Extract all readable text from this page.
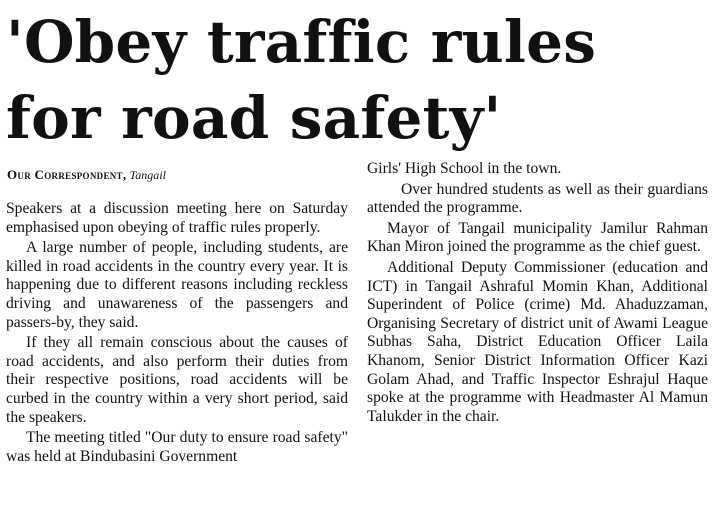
'Obey traffic rules for road safety'
Our Correspondent, Tangail

Speakers at a discussion meeting here on Saturday emphasised upon obeying of traffic rules properly.

A large number of people, including students, are killed in road accidents in the country every year. It is happening due to different reasons including reckless driving and unawareness of the passengers and passers-by, they said.

If they all remain conscious about the causes of road accidents, and also perform their duties from their respective positions, road accidents will be curbed in the country within a very short period, said the speakers.

The meeting titled "Our duty to ensure road safety" was held at Bindubasini Government

Girls' High School in the town.

Over hundred students as well as their guardians attended the programme.

Mayor of Tangail municipality Jamilur Rahman Khan Miron joined the programme as the chief guest.

Additional Deputy Commissioner (education and ICT) in Tangail Ashraful Momin Khan, Additional Superindent of Police (crime) Md. Ahaduzzaman, Organising Secretary of district unit of Awami League Subhas Saha, District Education Officer Laila Khanom, Senior District Information Officer Kazi Golam Ahad, and Traffic Inspector Eshrajul Haque spoke at the programme with Headmaster Al Mamun Talukder in the chair.
